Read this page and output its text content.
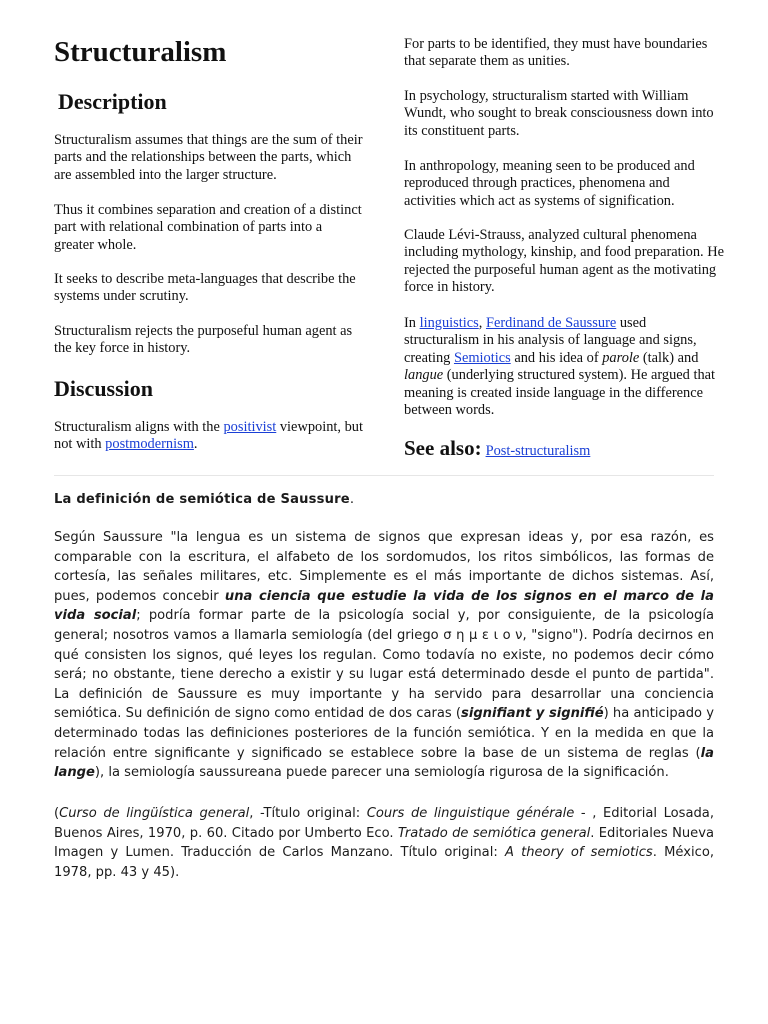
Structuralism
Description

Structuralism assumes that things are the sum of their parts and the relationships between the parts, which are assembled into the larger structure.

Thus it combines separation and creation of a distinct part with relational combination of parts into a greater whole.

It seeks to describe meta-languages that describe the systems under scrutiny.

Structuralism rejects the purposeful human agent as the key force in history.

Discussion

Structuralism aligns with the positivist viewpoint, but not with postmodernism.

For parts to be identified, they must have boundaries that separate them as unities.

In psychology, structuralism started with William Wundt, who sought to break consciousness down into its constituent parts.

In anthropology, meaning seen to be produced and reproduced through practices, phenomena and activities which act as systems of signification.

Claude Lévi-Strauss, analyzed cultural phenomena including mythology, kinship, and food preparation. He rejected the purposeful human agent as the motivating force in history.

In linguistics, Ferdinand de Saussure used structuralism in his analysis of language and signs, creating Semiotics and his idea of parole (talk) and langue (underlying structured system). He argued that meaning is created inside language in the difference between words.

See also: Post-structuralism
La definición de semiótica de Saussure.
Según Saussure "la lengua es un sistema de signos que expresan ideas y, por esa razón, es comparable con la escritura, el alfabeto de los sordomudos, los ritos simbólicos, las formas de cortesía, las señales militares, etc. Simplemente es el más importante de dichos sistemas. Así, pues, podemos concebir una ciencia que estudie la vida de los signos en el marco de la vida social; podría formar parte de la psicología social y, por consiguiente, de la psicología general; nosotros vamos a llamarla semiología (del griego σ η μ ε ι ο ν, "signo"). Podría decirnos en qué consisten los signos, qué leyes los regulan. Como todavía no existe, no podemos decir cómo será; no obstante, tiene derecho a existir y su lugar está determinado desde el punto de partida". La definición de Saussure es muy importante y ha servido para desarrollar una conciencia semiótica. Su definición de signo como entidad de dos caras (signifiant y signifié) ha anticipado y determinado todas las definiciones posteriores de la función semiótica. Y en la medida en que la relación entre significante y significado se establece sobre la base de un sistema de reglas (la lange), la semiología saussureana puede parecer una semiología rigurosa de la significación.
(Curso de lingüística general, -Título original: Cours de linguistique générale - , Editorial Losada, Buenos Aires, 1970, p. 60. Citado por Umberto Eco. Tratado de semiótica general. Editoriales Nueva Imagen y Lumen. Traducción de Carlos Manzano. Título original: A theory of semiotics. México, 1978, pp. 43 y 45).
